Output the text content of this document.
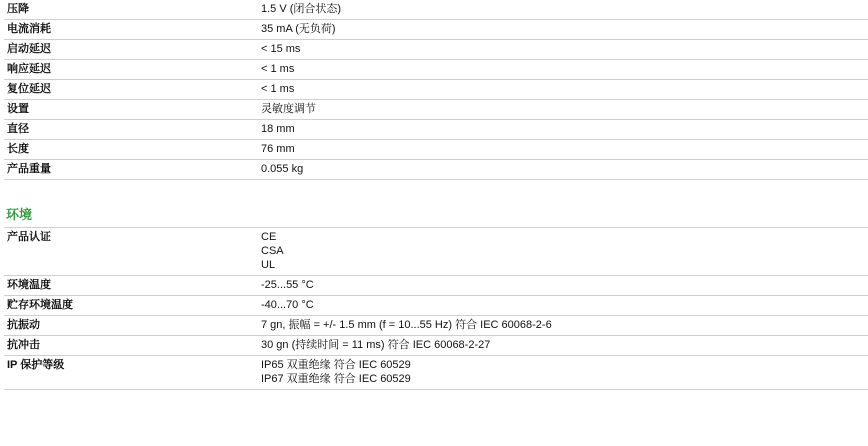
压降	1.5 V (闭合状态)
电流消耗	35 mA (无负荷)
启动延迟	< 15 ms
响应延迟	< 1 ms
复位延迟	< 1 ms
设置	灵敏度调节
直径	18 mm
长度	76 mm
产品重量	0.055 kg
环境
产品认证	CE
CSA
UL

环境温度	-25...55 °C
贮存环境温度	-40...70 °C
抗振动	7 gn, 振幅 = +/- 1.5 mm (f = 10...55 Hz) 符合 IEC 60068-2-6
抗冲击	30 gn (持续时间 = 11 ms) 符合 IEC 60068-2-27
IP 保护等级	IP65 双重绝缘 符合 IEC 60529
IP67 双重绝缘 符合 IEC 60529
